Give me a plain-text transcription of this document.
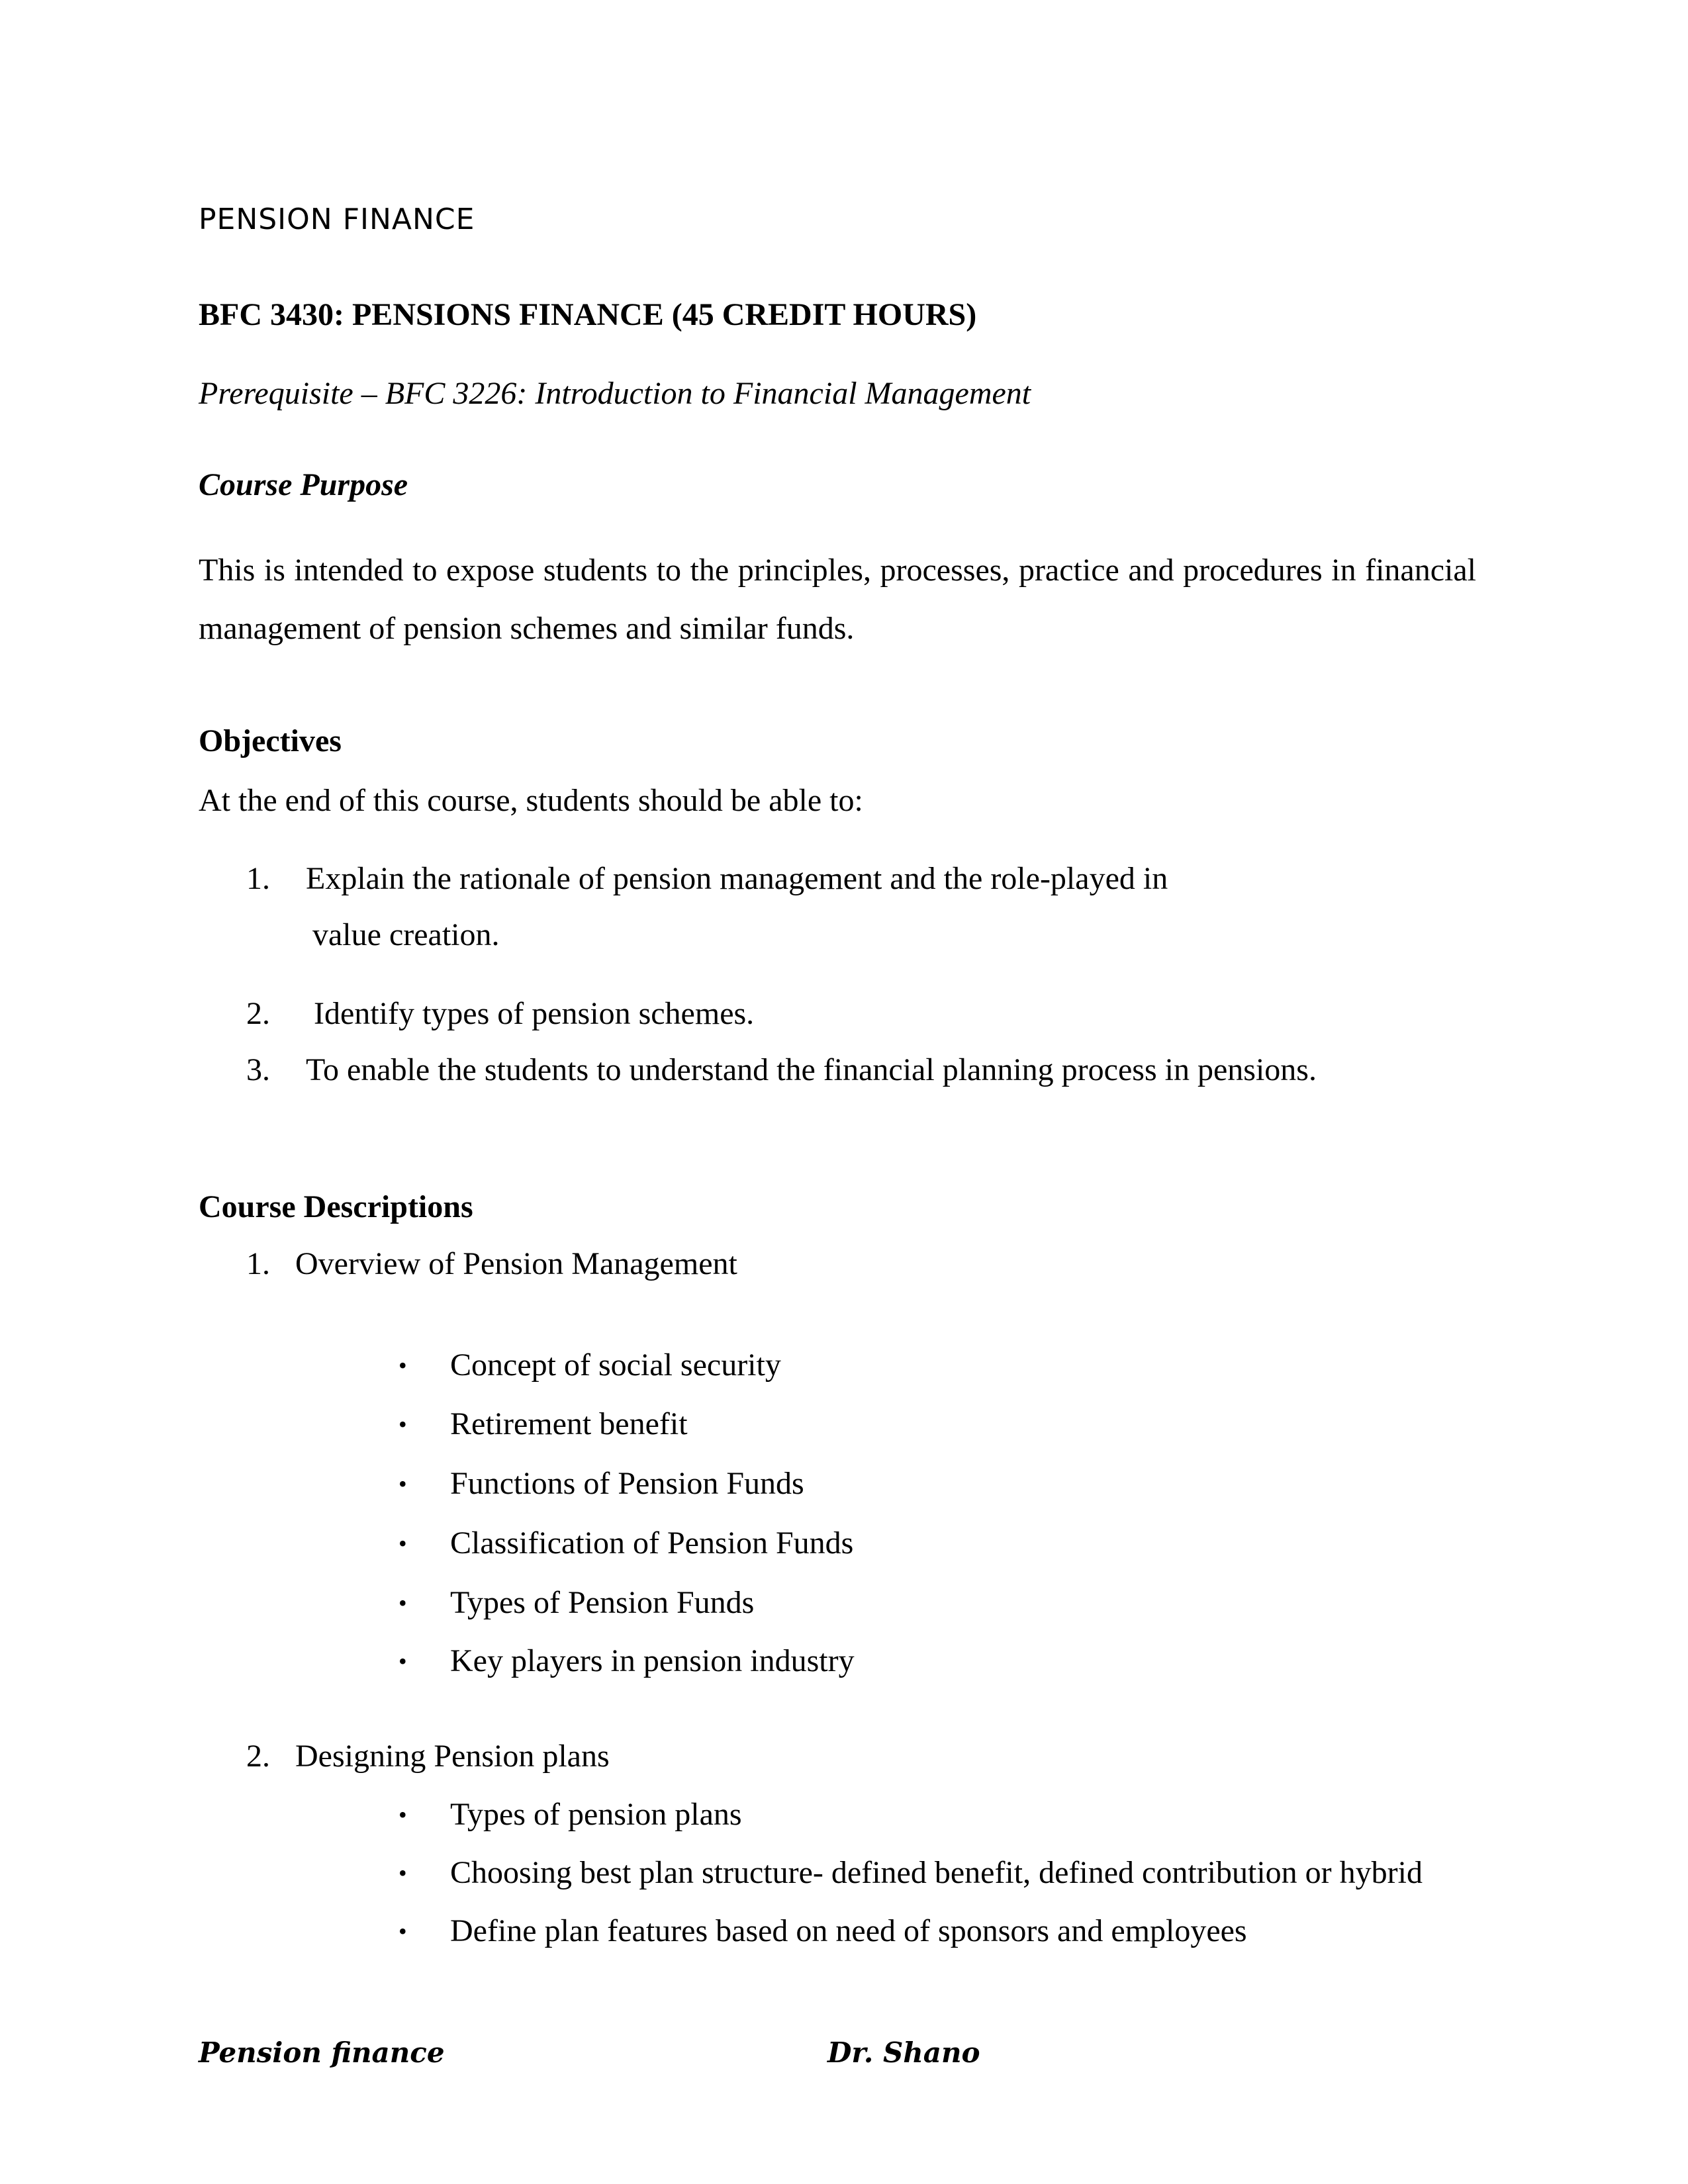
PENSION FINANCE
BFC 3430: PENSIONS FINANCE (45 CREDIT HOURS)
Prerequisite – BFC 3226: Introduction to Financial Management
Course Purpose
This is intended to expose students to the principles, processes, practice and procedures in financial management of pension schemes and similar funds.
Objectives
At the end of this course, students should be able to:
1. Explain the rationale of pension management and the role-played in
value creation.
2. Identify types of pension schemes.
3. To enable the students to understand the financial planning process in pensions.
Course Descriptions
1. Overview of Pension Management
• Concept of social security
• Retirement benefit
• Functions of Pension Funds
• Classification of Pension Funds
• Types of Pension Funds
• Key players in pension industry
2. Designing Pension plans
• Types of pension plans
• Choosing best plan structure- defined benefit, defined contribution or hybrid
• Define plan features based on need of sponsors and employees
Pension finance	Dr. Shano
